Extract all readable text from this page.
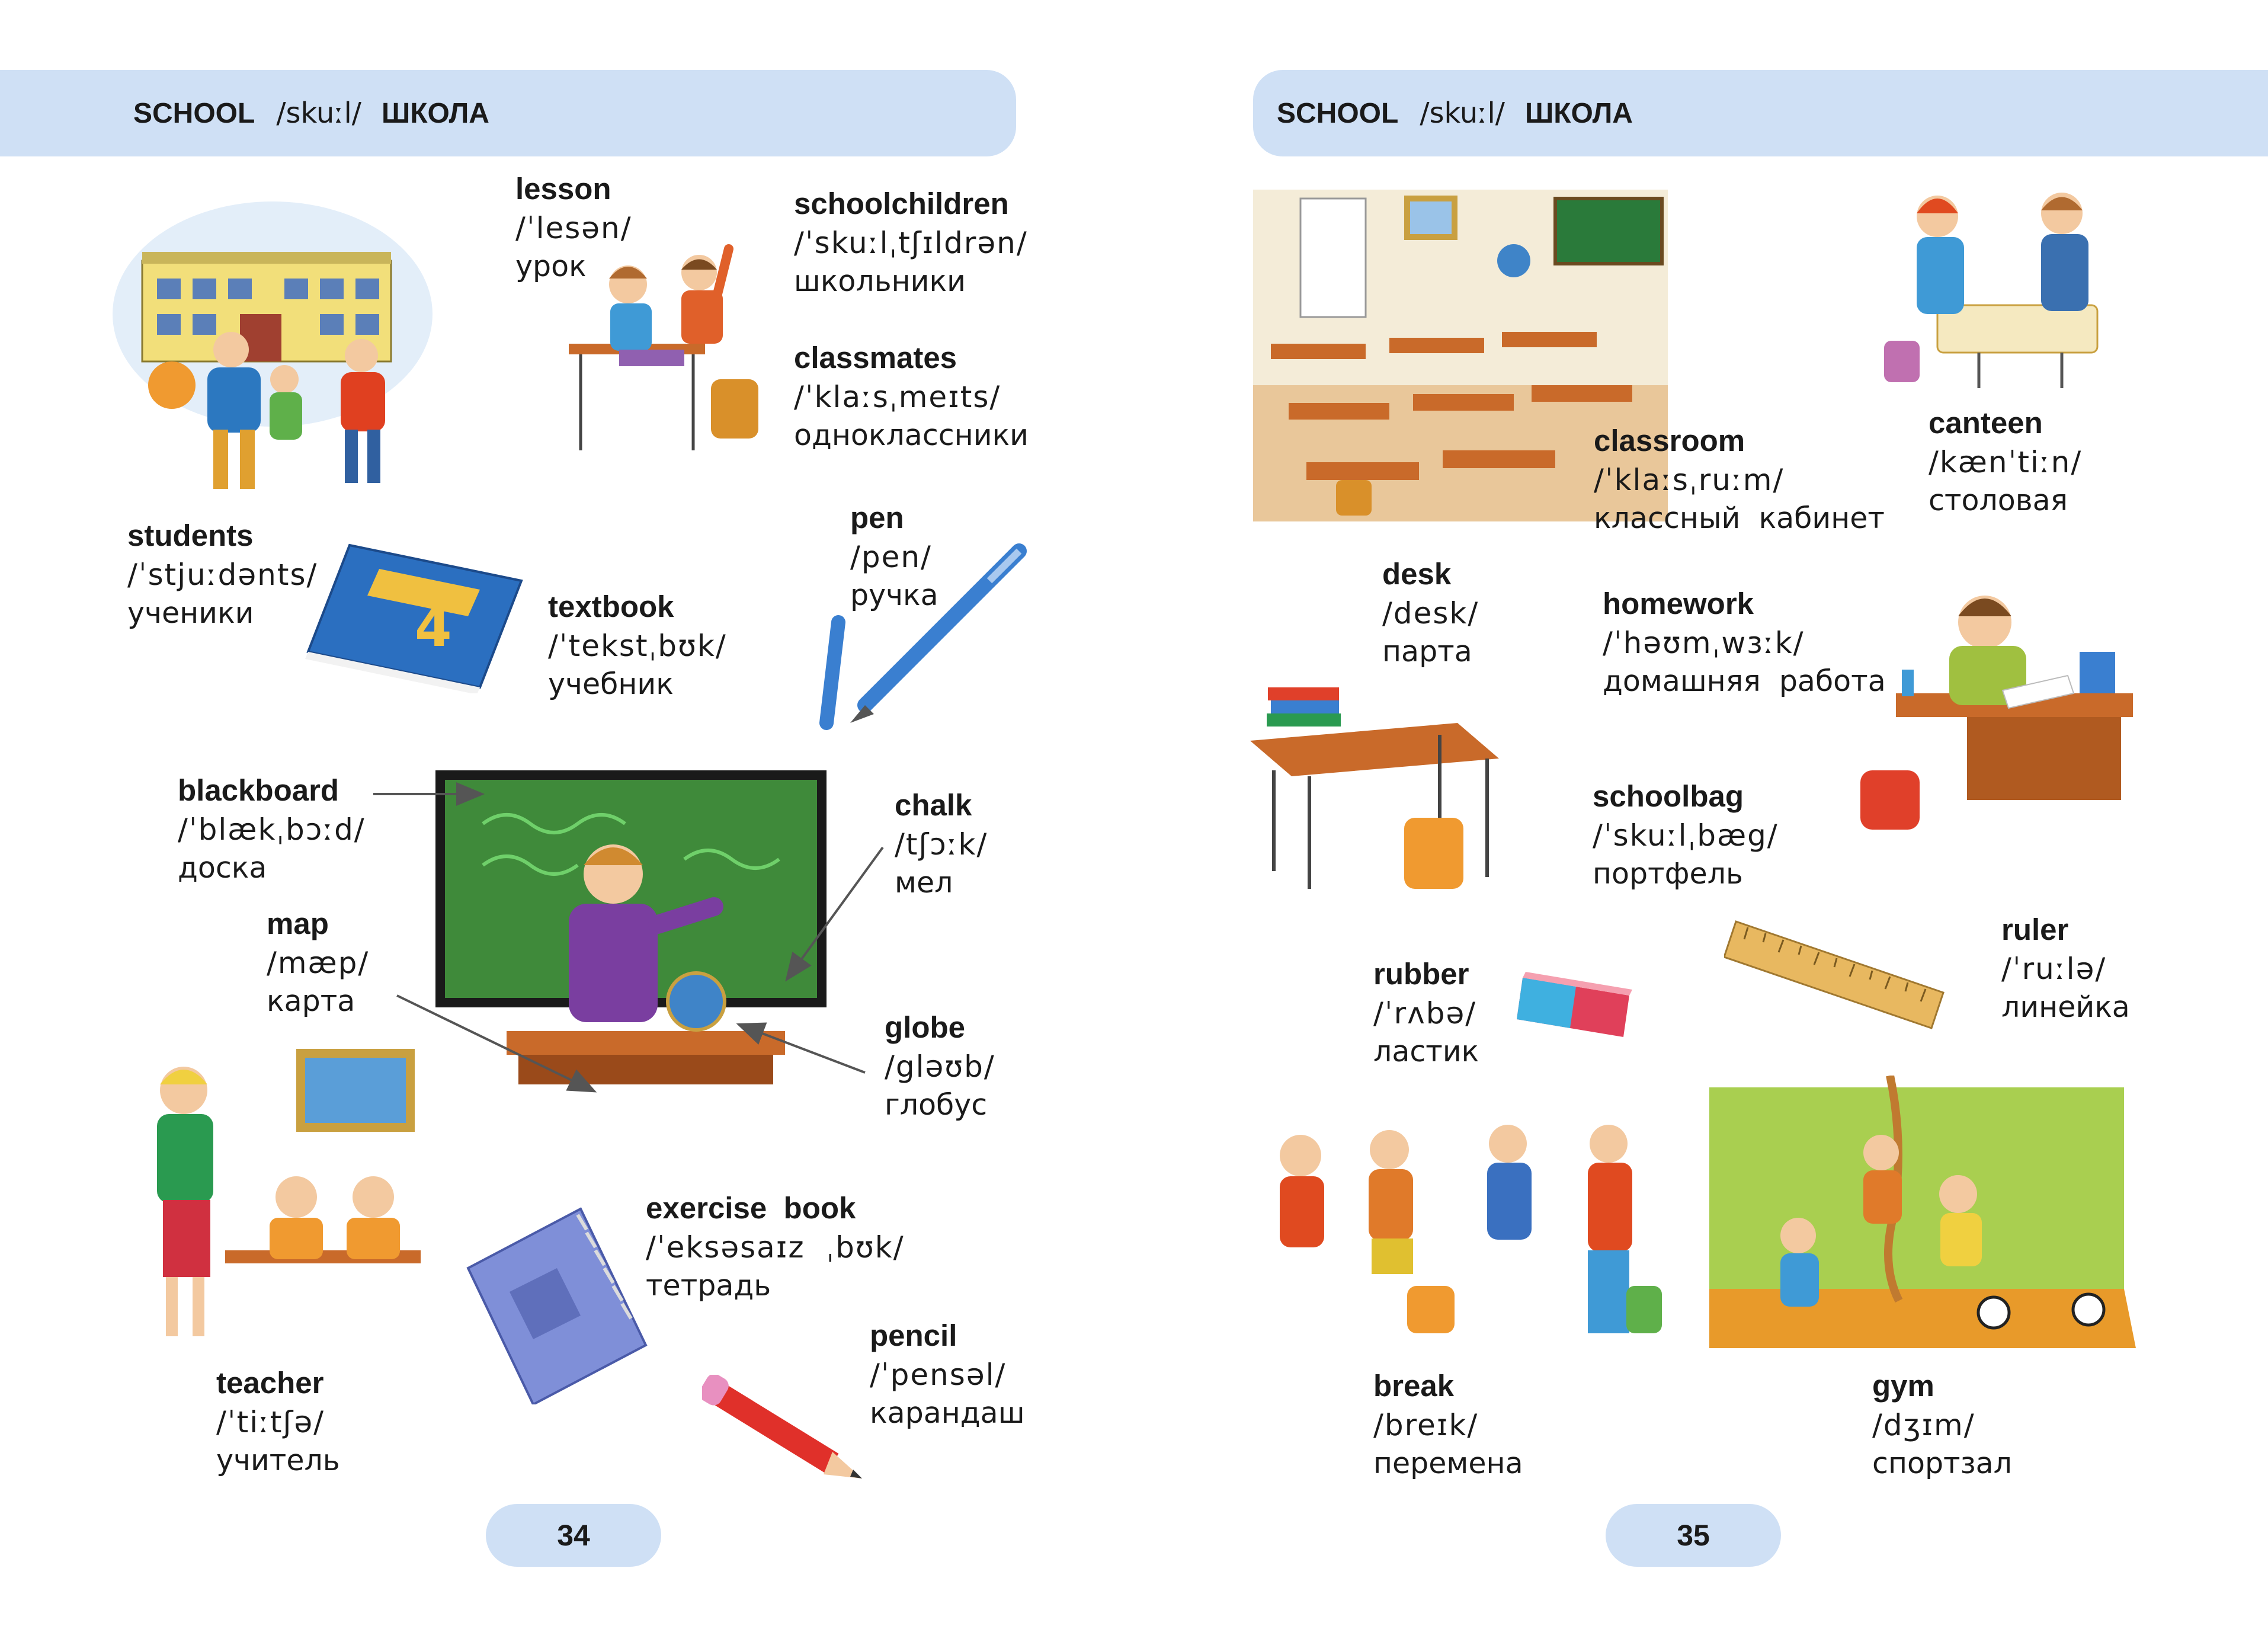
SCHOOL /skuːl/ ШКОЛА
4
lesson
/ˈlesən/
урок
schoolchildren
/ˈskuːlˌtʃɪldrən/
школьники
classmates
/ˈklaːsˌmeɪts/
одноклассники
students
/ˈstjuːdənts/
ученики
pen
/pen/
ручка
textbook
/ˈtekstˌbʊk/
учебник
blackboard
/ˈblækˌbɔːd/
доска
chalk
/tʃɔːk/
мел
map
/mæp/
карта
globe
/gləʊb/
глобус
exercise  book
/ˈeksəsaɪz  ˌbʊk/
тетрадь
pencil
/ˈpensəl/
карандаш
teacher
/ˈtiːtʃə/
учитель
34
SCHOOL /skuːl/ ШКОЛА
classroom
/ˈklaːsˌruːm/
классный  кабинет
canteen
/kænˈtiːn/
столовая
desk
/desk/
парта
homework
/ˈhəʊmˌwɜːk/
домашняя  работа
schoolbag
/ˈskuːlˌbæg/
портфель
ruler
/ˈruːlə/
линейка
rubber
/ˈrʌbə/
ластик
break
/breɪk/
перемена
gym
/dʒɪm/
спортзал
35
